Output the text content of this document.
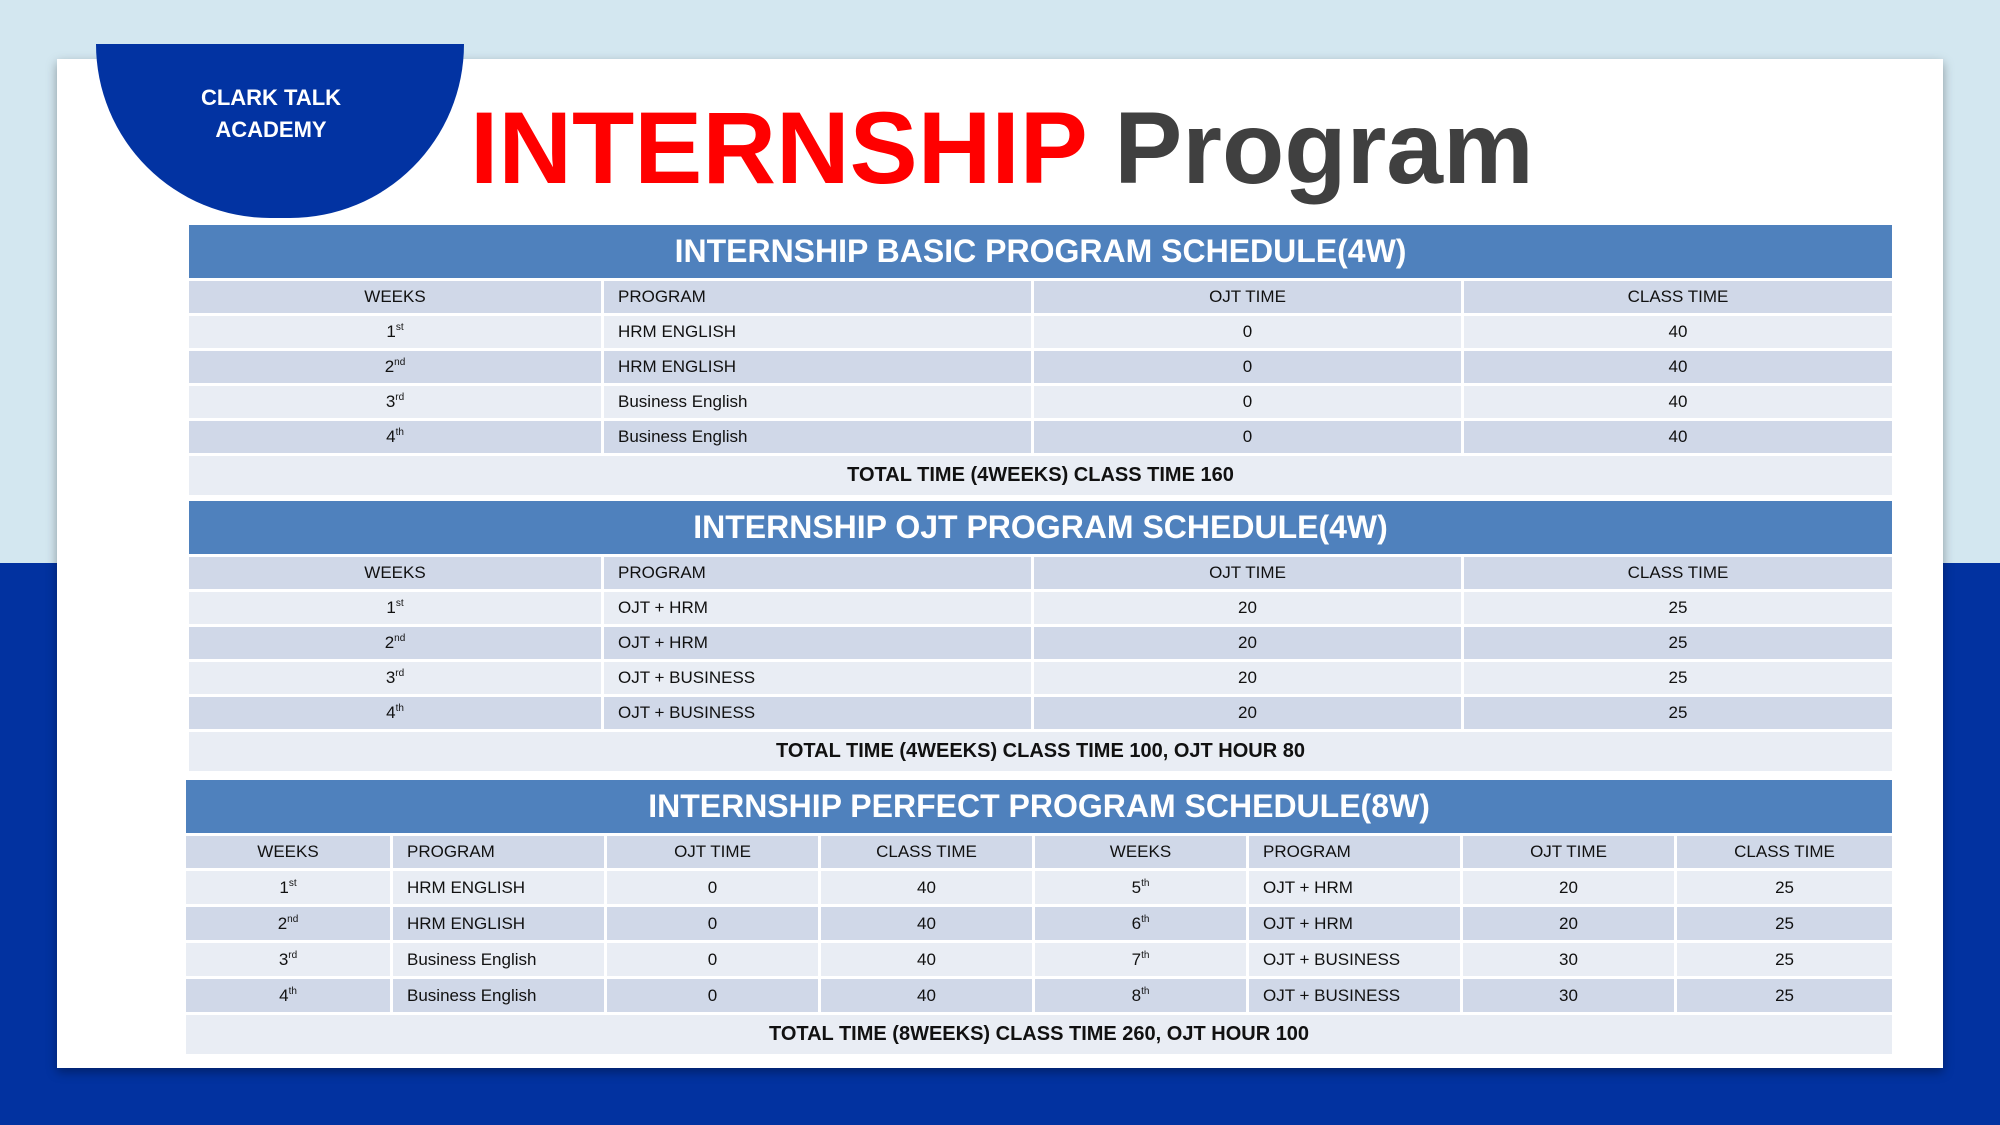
CLARK TALK
ACADEMY	INTERNSHIP Program
INTERNSHIP BASIC PROGRAM SCHEDULE(4W)			
WEEKS	PROGRAM	OJT TIME	CLASS TIME
1st	HRM ENGLISH	0	40
2nd	HRM ENGLISH	0	40
3rd	Business English	0	40
4th	Business English	0	40
TOTAL TIME (4WEEKS) CLASS TIME 160			
INTERNSHIP OJT PROGRAM SCHEDULE(4W)			
WEEKS	PROGRAM	OJT TIME	CLASS TIME
1st	OJT + HRM	20	25
2nd	OJT + HRM	20	25
3rd	OJT + BUSINESS	20	25
4th	OJT + BUSINESS	20	25
TOTAL TIME (4WEEKS) CLASS TIME 100, OJT HOUR 80			
INTERNSHIP PERFECT PROGRAM SCHEDULE(8W)							
WEEKS	PROGRAM	OJT TIME	CLASS TIME	WEEKS	PROGRAM	OJT TIME	CLASS TIME
1st	HRM ENGLISH	0	40	5th	OJT + HRM	20	25
2nd	HRM ENGLISH	0	40	6th	OJT + HRM	20	25
3rd	Business English	0	40	7th	OJT + BUSINESS	30	25
4th	Business English	0	40	8th	OJT + BUSINESS	30	25
TOTAL TIME (8WEEKS) CLASS TIME 260, OJT HOUR 100							
